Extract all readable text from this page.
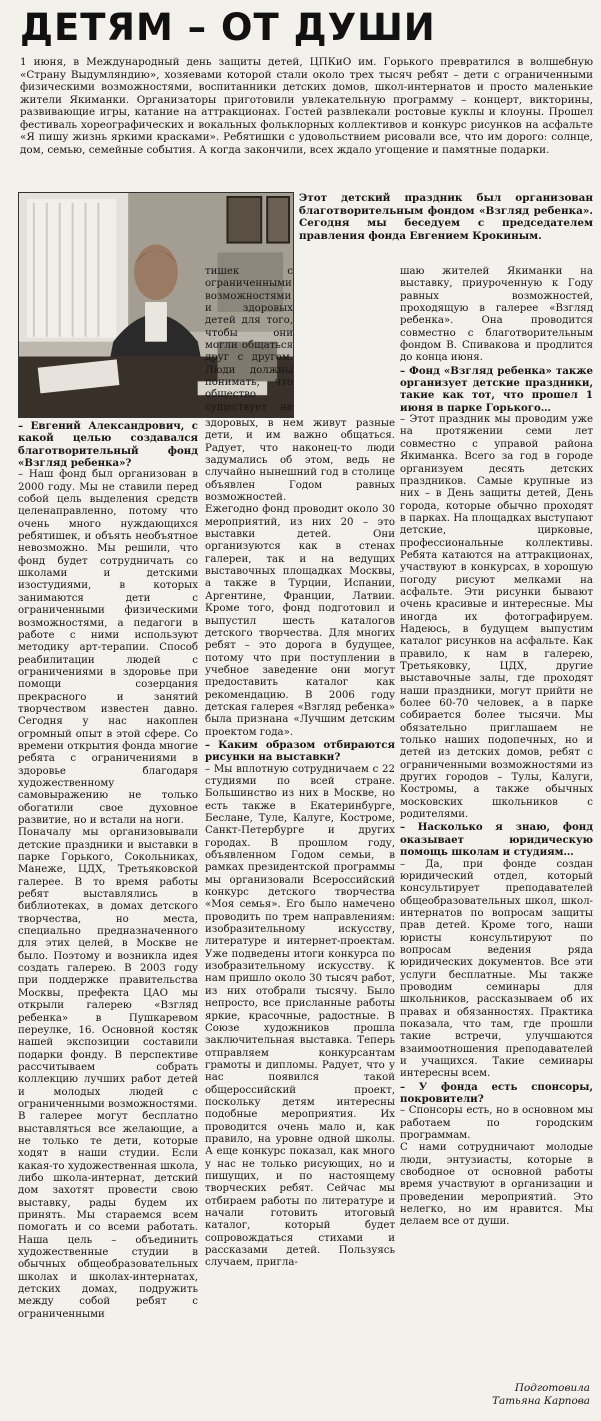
ДЕТЯМ – ОТ ДУШИ

1 июня, в Международный день защиты детей, ЦПКиО им. Горького превратился в волшебную «Страну Выдумляндию», хозяевами которой стали около трех тысяч ребят – дети с ограниченными физическими возможностями, воспитанники детских домов, школ-интернатов и просто маленькие жители Якиманки. Организаторы приготовили увлекательную программу – концерт, викторины, развивающие игры, катание на аттракционах. Гостей развлекали ростовые куклы и клоуны. Прошел фестиваль хореографических и вокальных фольклорных коллективов и конкурс рисунков на асфальте «Я пишу жизнь яркими красками». Ребятишки с удовольствием рисовали все, что им дорого: солнце, дом, семью, семейные события. А когда закончили, всех ждало угощение и памятные подарки.

Этот детский праздник был организован благотворительным фондом «Взгляд ребенка». Сегодня мы беседуем с председателем правления фонда Евгением Крокиным.

тишек с ограниченными возможностями и здоровых детей для того, чтобы они могли общаться друг с другом. Люди должны понимать, что общество существует не

– Евгений Александрович, с какой целью создавался благотворительный фонд «Взгляд ребенка»?

– Наш фонд был организован в 2000 году. Мы не ставили перед собой цель выделения средств целенаправленно, потому что очень много нуждающихся ребятишек, и объять необъятное невозможно. Мы решили, что фонд будет сотрудничать со школами и детскими изостудиями, в которых занимаются дети с ограниченными физическими возможностями, а педагоги в работе с ними используют методику арт-терапии. Способ реабилитации людей с ограничениями в здоровье при помощи созерцания прекрасного и занятий творчеством известен давно. Сегодня у нас накоплен огромный опыт в этой сфере. Со времени открытия фонда многие ребята с ограничениями в здоровье благодаря художественному самовыражению не только обогатили свое духовное развитие, но и встали на ноги.

Поначалу мы организовывали детские праздники и выставки в парке Горького, Сокольниках, Манеже, ЦДХ, Третьяковской галерее. В то время работы ребят выставлялись в библиотеках, в домах детского творчества, но места, специально предназначенного для этих целей, в Москве не было. Поэтому и возникла идея создать галерею. В 2003 году при поддержке правительства Москвы, префекта ЦАО мы открыли галерею «Взгляд ребенка» в Пушкаревом переулке, 16. Основной костяк нашей экспозиции составили подарки фонду. В перспективе рассчитываем собрать коллекцию лучших работ детей и молодых людей с ограниченными возможностями.

В галерее могут бесплатно выставляться все желающие, а не только те дети, которые ходят в наши студии. Если какая-то художественная школа, либо школа-интернат, детский дом захотят провести свою выставку, рады будем их принять. Мы стараемся всем помогать и со всеми работать. Наша цель – объединить художественные студии в обычных общеобразовательных школах и школах-интернатах, детских домах, подружить между собой ребят с ограниченными

здоровых, в нем живут разные дети, и им важно общаться. Радует, что наконец-то люди задумались об этом, ведь не случайно нынешний год в столице объявлен Годом равных возможностей.

Ежегодно фонд проводит около 30 мероприятий, из них 20 – это выставки детей. Они организуются как в стенах галереи, так и на ведущих выставочных площадках Москвы, а также в Турции, Испании, Аргентине, Франции, Латвии. Кроме того, фонд подготовил и выпустил шесть каталогов детского творчества. Для многих ребят – это дорога в будущее, потому что при поступлении в учебное заведение они могут предоставить каталог как рекомендацию. В 2006 году детская галерея «Взгляд ребенка» была признана «Лучшим детским проектом года».

– Каким образом отбираются рисунки на выставки?

– Мы вплотную сотрудничаем с 22 студиями по всей стране. Большинство из них в Москве, но есть также в Екатеринбурге, Беслане, Туле, Калуге, Костроме, Санкт-Петербурге и других городах. В прошлом году, объявленном Годом семьи, в рамках президентской программы мы организовали Всероссийский конкурс детского творчества «Моя семья». Его было намечено проводить по трем направлениям: изобразительному искусству, литературе и интернет-проектам. Уже подведены итоги конкурса по изобразительному искусству. К нам пришло около 30 тысяч работ, из них отобрали тысячу. Было непросто, все присланные работы яркие, красочные, радостные. В Союзе художников прошла заключительная выставка. Теперь отправляем конкурсантам грамоты и дипломы. Радует, что у нас появился такой общероссийский проект, поскольку детям интересны подобные мероприятия. Их проводится очень мало и, как правило, на уровне одной школы. А еще конкурс показал, как много у нас не только рисующих, но и пишущих, и по настоящему творческих ребят. Сейчас мы отбираем работы по литературе и начали готовить итоговый каталог, который будет сопровождаться стихами и рассказами детей. Пользуясь случаем, пригла-

шаю жителей Якиманки на выставку, приуроченную к Году равных возможностей, проходящую в галерее «Взгляд ребенка». Она проводится совместно с благотворительным фондом В. Спивакова и продлится до конца июня.

– Фонд «Взгляд ребенка» также организует детские праздники, такие как тот, что прошел 1 июня в парке Горького…

– Этот праздник мы проводим уже на протяжении семи лет совместно с управой района Якиманка. Всего за год в городе организуем десять детских праздников. Самые крупные из них – в День защиты детей, День города, которые обычно проходят в парках. На площадках выступают детские, цирковые, профессиональные коллективы. Ребята катаются на аттракционах, участвуют в конкурсах, в хорошую погоду рисуют мелками на асфальте. Эти рисунки бывают очень красивые и интересные. Мы иногда их фотографируем. Надеюсь, в будущем выпустим каталог рисунков на асфальте. Как правило, к нам в галерею, Третьяковку, ЦДХ, другие выставочные залы, где проходят наши праздники, могут прийти не более 60-70 человек, а в парке собирается более тысячи. Мы обязательно приглашаем не только наших подопечных, но и детей из детских домов, ребят с ограниченными возможностями из других городов – Тулы, Калуги, Костромы, а также обычных московских школьников с родителями.

– Насколько я знаю, фонд оказывает юридическую помощь школам и студиям…

– Да, при фонде создан юридический отдел, который консультирует преподавателей общеобразовательных школ, школ-интернатов по вопросам защиты прав детей. Кроме того, наши юристы консультируют по вопросам ведения ряда юридических документов. Все эти услуги бесплатные. Мы также проводим семинары для школьников, рассказываем об их правах и обязанностях. Практика показала, что там, где прошли такие встречи, улучшаются взаимоотношения преподавателей и учащихся. Такие семинары интересны всем.

– У фонда есть спонсоры, покровители?

– Спонсоры есть, но в основном мы работаем по городским программам.

С нами сотрудничают молодые люди, энтузиасты, которые в свободное от основной работы время участвуют в организации и проведении мероприятий. Это нелегко, но им нравится. Мы делаем все от души.

Подготовила
Татьяна Карпова
